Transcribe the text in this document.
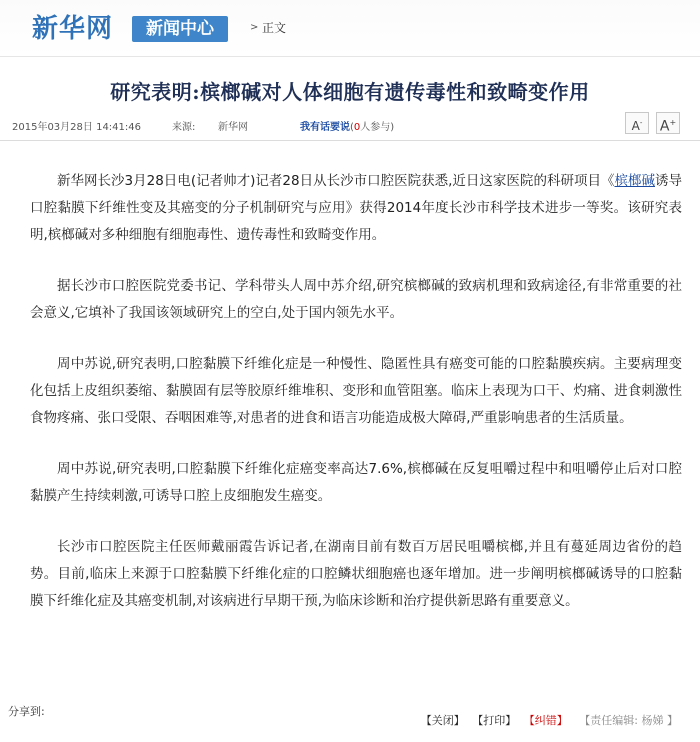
新华网	新闻中心	> 正文
研究表明:槟榔碱对人体细胞有遗传毒性和致畸变作用
2015年03月28日 14:41:46	来源: 新华网	我有话要说(0人参与)	A-	A+

新华网长沙3月28日电(记者帅才)记者28日从长沙市口腔医院获悉,近日这家医院的科研项目《槟榔碱诱导口腔黏膜下纤维性变及其癌变的分子机制研究与应用》获得2014年度长沙市科学技术进步一等奖。该研究表明,槟榔碱对多种细胞有细胞毒性、遗传毒性和致畸变作用。

据长沙市口腔医院党委书记、学科带头人周中苏介绍,研究槟榔碱的致病机理和致病途径,有非常重要的社会意义,它填补了我国该领域研究上的空白,处于国内领先水平。

周中苏说,研究表明,口腔黏膜下纤维化症是一种慢性、隐匿性具有癌变可能的口腔黏膜疾病。主要病理变化包括上皮组织萎缩、黏膜固有层等胶原纤维堆积、变形和血管阻塞。临床上表现为口干、灼痛、进食刺激性食物疼痛、张口受限、吞咽困难等,对患者的进食和语言功能造成极大障碍,严重影响患者的生活质量。

周中苏说,研究表明,口腔黏膜下纤维化症癌变率高达7.6%,槟榔碱在反复咀嚼过程中和咀嚼停止后对口腔黏膜产生持续刺激,可诱导口腔上皮细胞发生癌变。

长沙市口腔医院主任医师戴丽霞告诉记者,在湖南目前有数百万居民咀嚼槟榔,并且有蔓延周边省份的趋势。目前,临床上来源于口腔黏膜下纤维化症的口腔鳞状细胞癌也逐年增加。进一步阐明槟榔碱诱导的口腔黏膜下纤维化症及其癌变机制,对该病进行早期干预,为临床诊断和治疗提供新思路有重要意义。

分享到:
【关闭】 【打印】 【纠错】 【责任编辑: 杨娣 】
